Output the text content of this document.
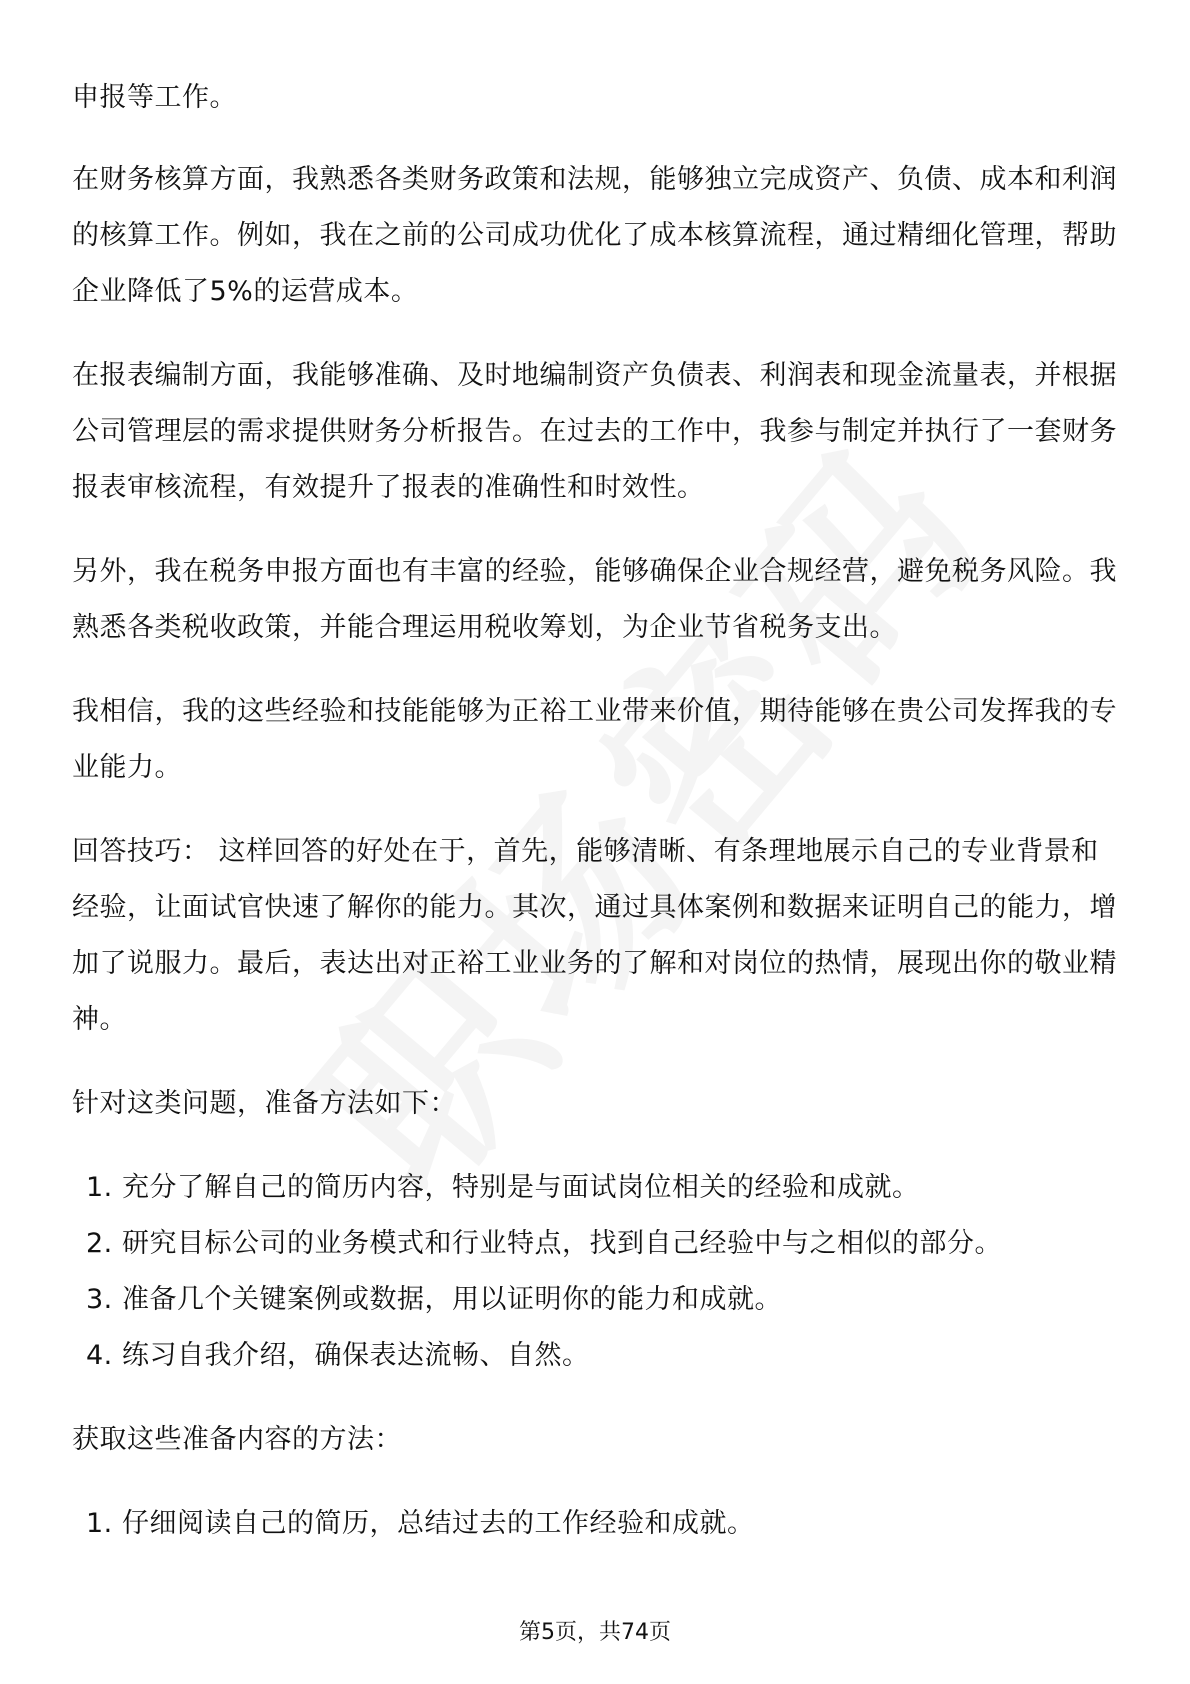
申报等工作。

在财务核算方面，我熟悉各类财务政策和法规，能够独立完成资产、负债、成本和利润的核算工作。例如，我在之前的公司成功优化了成本核算流程，通过精细化管理，帮助企业降低了5%的运营成本。

在报表编制方面，我能够准确、及时地编制资产负债表、利润表和现金流量表，并根据公司管理层的需求提供财务分析报告。在过去的工作中，我参与制定并执行了一套财务报表审核流程，有效提升了报表的准确性和时效性。

另外，我在税务申报方面也有丰富的经验，能够确保企业合规经营，避免税务风险。我熟悉各类税收政策，并能合理运用税收筹划，为企业节省税务支出。

我相信，我的这些经验和技能能够为正裕工业带来价值，期待能够在贵公司发挥我的专业能力。

回答技巧： 这样回答的好处在于，首先，能够清晰、有条理地展示自己的专业背景和经验，让面试官快速了解你的能力。其次，通过具体案例和数据来证明自己的能力，增加了说服力。最后，表达出对正裕工业业务的了解和对岗位的热情，展现出你的敬业精神。

针对这类问题，准备方法如下：

1. 充分了解自己的简历内容，特别是与面试岗位相关的经验和成就。
2. 研究目标公司的业务模式和行业特点，找到自己经验中与之相似的部分。
3. 准备几个关键案例或数据，用以证明你的能力和成就。
4. 练习自我介绍，确保表达流畅、自然。

获取这些准备内容的方法：

1. 仔细阅读自己的简历，总结过去的工作经验和成就。
第5页，共74页
